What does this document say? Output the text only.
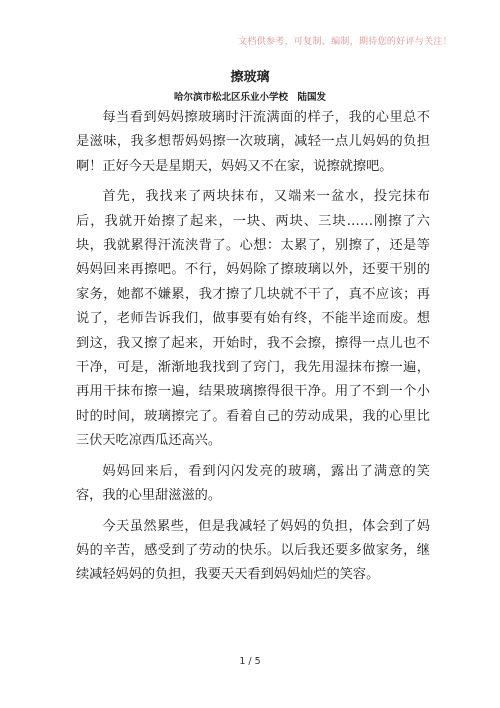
文档供参考，可复制、编制，期待您的好评与关注！
擦玻璃
哈尔滨市松北区乐业小学校　陆国发

每当看到妈妈擦玻璃时汗流满面的样子，我的心里总不是滋味，我多想帮妈妈擦一次玻璃，减轻一点儿妈妈的负担啊！正好今天是星期天，妈妈又不在家，说擦就擦吧。

首先，我找来了两块抹布，又端来一盆水，投完抹布后，我就开始擦了起来，一块、两块、三块……刚擦了六块，我就累得汗流浃背了。心想：太累了，别擦了，还是等妈妈回来再擦吧。不行，妈妈除了擦玻璃以外，还要干别的家务，她都不嫌累，我才擦了几块就不干了，真不应该；再说了，老师告诉我们，做事要有始有终，不能半途而废。想到这，我又擦了起来，开始时，我不会擦，擦得一点儿也不干净，可是，渐渐地我找到了窍门，我先用湿抹布擦一遍，再用干抹布擦一遍，结果玻璃擦得很干净。用了不到一个小时的时间，玻璃擦完了。看着自己的劳动成果，我的心里比三伏天吃凉西瓜还高兴。

妈妈回来后，看到闪闪发亮的玻璃，露出了满意的笑容，我的心里甜滋滋的。

今天虽然累些，但是我减轻了妈妈的负担，体会到了妈妈的辛苦，感受到了劳动的快乐。以后我还要多做家务，继续减轻妈妈的负担，我要天天看到妈妈灿烂的笑容。

1 / 5
